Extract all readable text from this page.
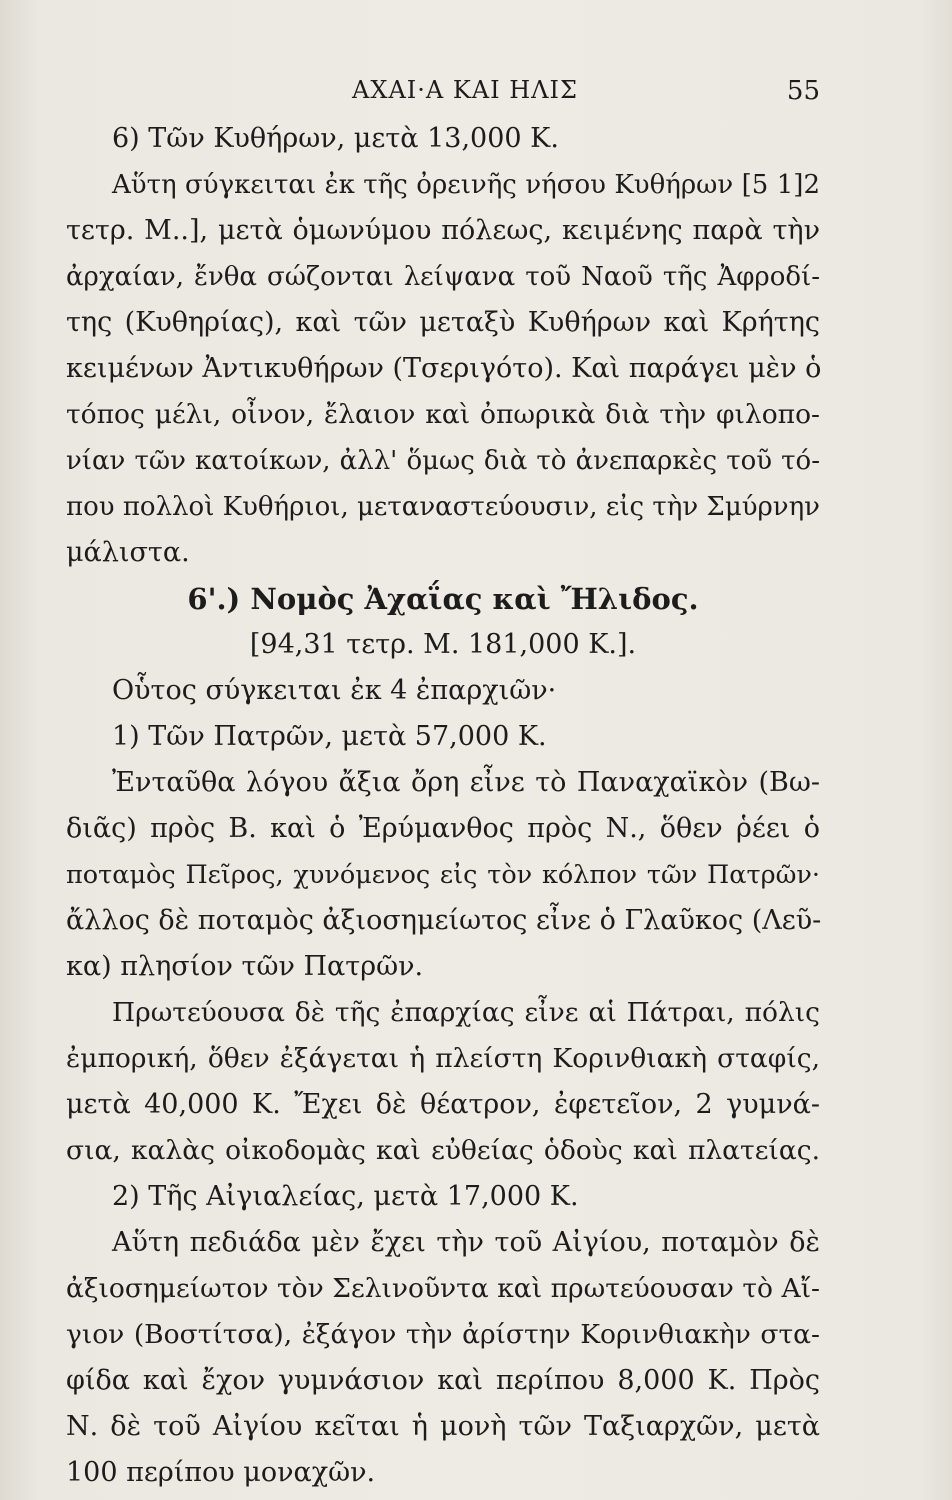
ΑΧΑΙ·Α ΚΑΙ ΗΛΙΣ	55
6) Τῶν Κυθήρων, μετὰ 13,000 Κ.
Αὕτη σύγκειται ἐκ τῆς ὀρεινῆς νήσου Κυθήρων [5 1]2
τετρ. Μ..], μετὰ ὁμωνύμου πόλεως, κειμένης παρὰ τὴν
ἀρχαίαν, ἔνθα σώζονται λείψανα τοῦ Ναοῦ τῆς Ἀφροδί-
της (Κυθηρίας), καὶ τῶν μεταξὺ Κυθήρων καὶ Κρήτης
κειμένων Ἀντικυθήρων (Τσεριγότο). Καὶ παράγει μὲν ὁ
τόπος μέλι, οἶνον, ἔλαιον καὶ ὀπωρικὰ διὰ τὴν φιλοπο-
νίαν τῶν κατοίκων, ἀλλ' ὅμως διὰ τὸ ἀνεπαρκὲς τοῦ τό-
που πολλοὶ Κυθήριοι, μεταναστεύουσιν, εἰς τὴν Σμύρνην
μάλιστα.
6'.) Νομὸς Ἀχαΐας καὶ Ἤλιδος.
[94,31 τετρ. Μ. 181,000 Κ.].
Οὗτος σύγκειται ἐκ 4 ἐπαρχιῶν·
1) Τῶν Πατρῶν, μετὰ 57,000 Κ.
Ἐνταῦθα λόγου ἄξια ὄρη εἶνε τὸ Παναχαϊκὸν (Βω-
διᾶς) πρὸς Β. καὶ ὁ Ἐρύμανθος πρὸς Ν., ὅθεν ῥέει ὁ
ποταμὸς Πεῖρος, χυνόμενος εἰς τὸν κόλπον τῶν Πατρῶν·
ἄλλος δὲ ποταμὸς ἀξιοσημείωτος εἶνε ὁ Γλαῦκος (Λεῦ-
κα) πλησίον τῶν Πατρῶν.
Πρωτεύουσα δὲ τῆς ἐπαρχίας εἶνε αἱ Πάτραι, πόλις
ἐμπορική, ὅθεν ἐξάγεται ἡ πλείστη Κορινθιακὴ σταφίς,
μετὰ 40,000 Κ. Ἔχει δὲ θέατρον, ἐφετεῖον, 2 γυμνά-
σια, καλὰς οἰκοδομὰς καὶ εὐθείας ὁδοὺς καὶ πλατείας.
2) Τῆς Αἰγιαλείας, μετὰ 17,000 Κ.
Αὕτη πεδιάδα μὲν ἔχει τὴν τοῦ Αἰγίου, ποταμὸν δὲ
ἀξιοσημείωτον τὸν Σελινοῦντα καὶ πρωτεύουσαν τὸ Αἴ-
γιον (Βοστίτσα), ἐξάγον τὴν ἀρίστην Κορινθιακὴν στα-
φίδα καὶ ἔχον γυμνάσιον καὶ περίπου 8,000 Κ. Πρὸς
Ν. δὲ τοῦ Αἰγίου κεῖται ἡ μονὴ τῶν Ταξιαρχῶν, μετὰ
100 περίπου μοναχῶν.
